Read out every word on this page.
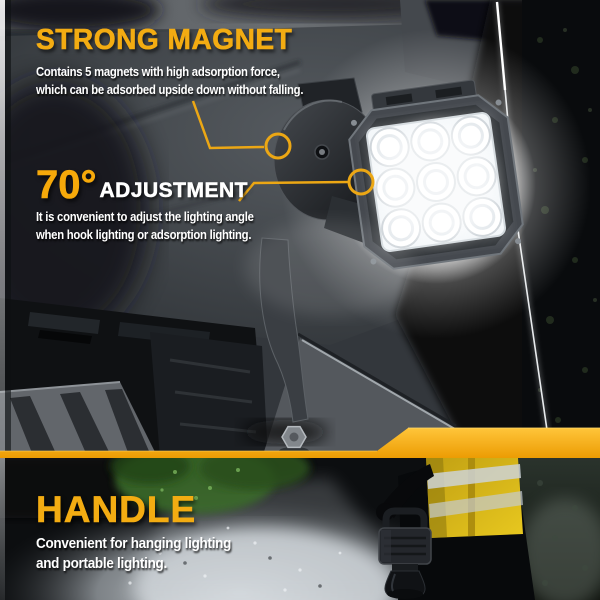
STRONG MAGNET

Contains 5 magnets with high adsorption force,

which can be adsorbed upside down without falling.

70° ADJUSTMENT

It is convenient to adjust the lighting angle

when hook lighting or adsorption lighting.

HANDLE

Convenient for hanging lighting

and portable lighting.
